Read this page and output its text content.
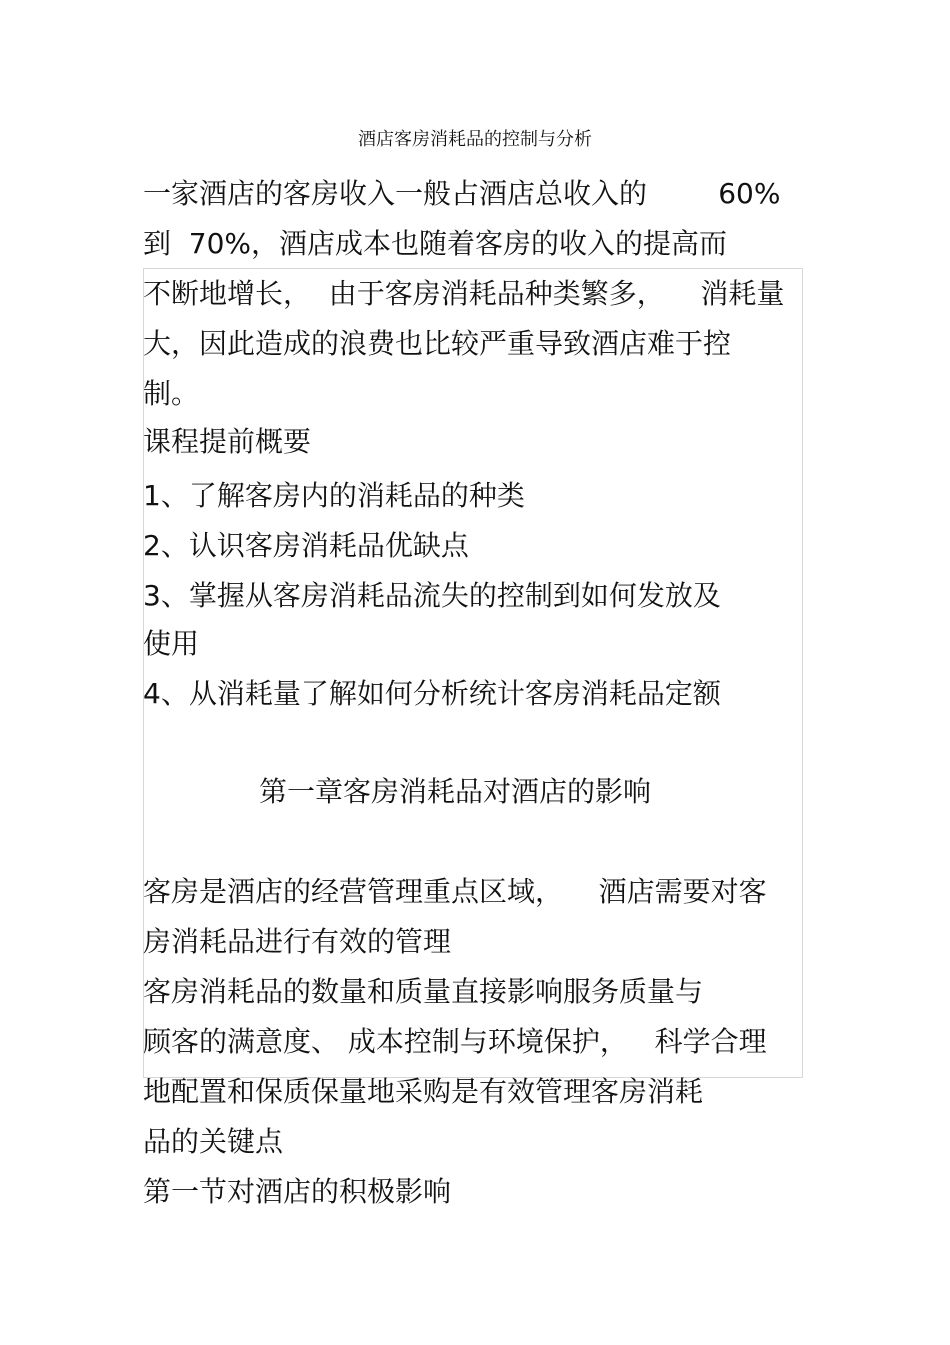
酒店客房消耗品的控制与分析
一家酒店的客房收入一般占酒店总收入的        60%
到  70%，酒店成本也随着客房的收入的提高而
不断地增长，  由于客房消耗品种类繁多，    消耗量
大，因此造成的浪费也比较严重导致酒店难于控
制。
课程提前概要
1、了解客房内的消耗品的种类
2、认识客房消耗品优缺点
3、掌握从客房消耗品流失的控制到如何发放及
使用
4、从消耗量了解如何分析统计客房消耗品定额
第一章客房消耗品对酒店的影响
客房是酒店的经营管理重点区域，    酒店需要对客
房消耗品进行有效的管理
客房消耗品的数量和质量直接影响服务质量与
顾客的满意度、 成本控制与环境保护，   科学合理
地配置和保质保量地采购是有效管理客房消耗
品的关键点
第一节对酒店的积极影响
